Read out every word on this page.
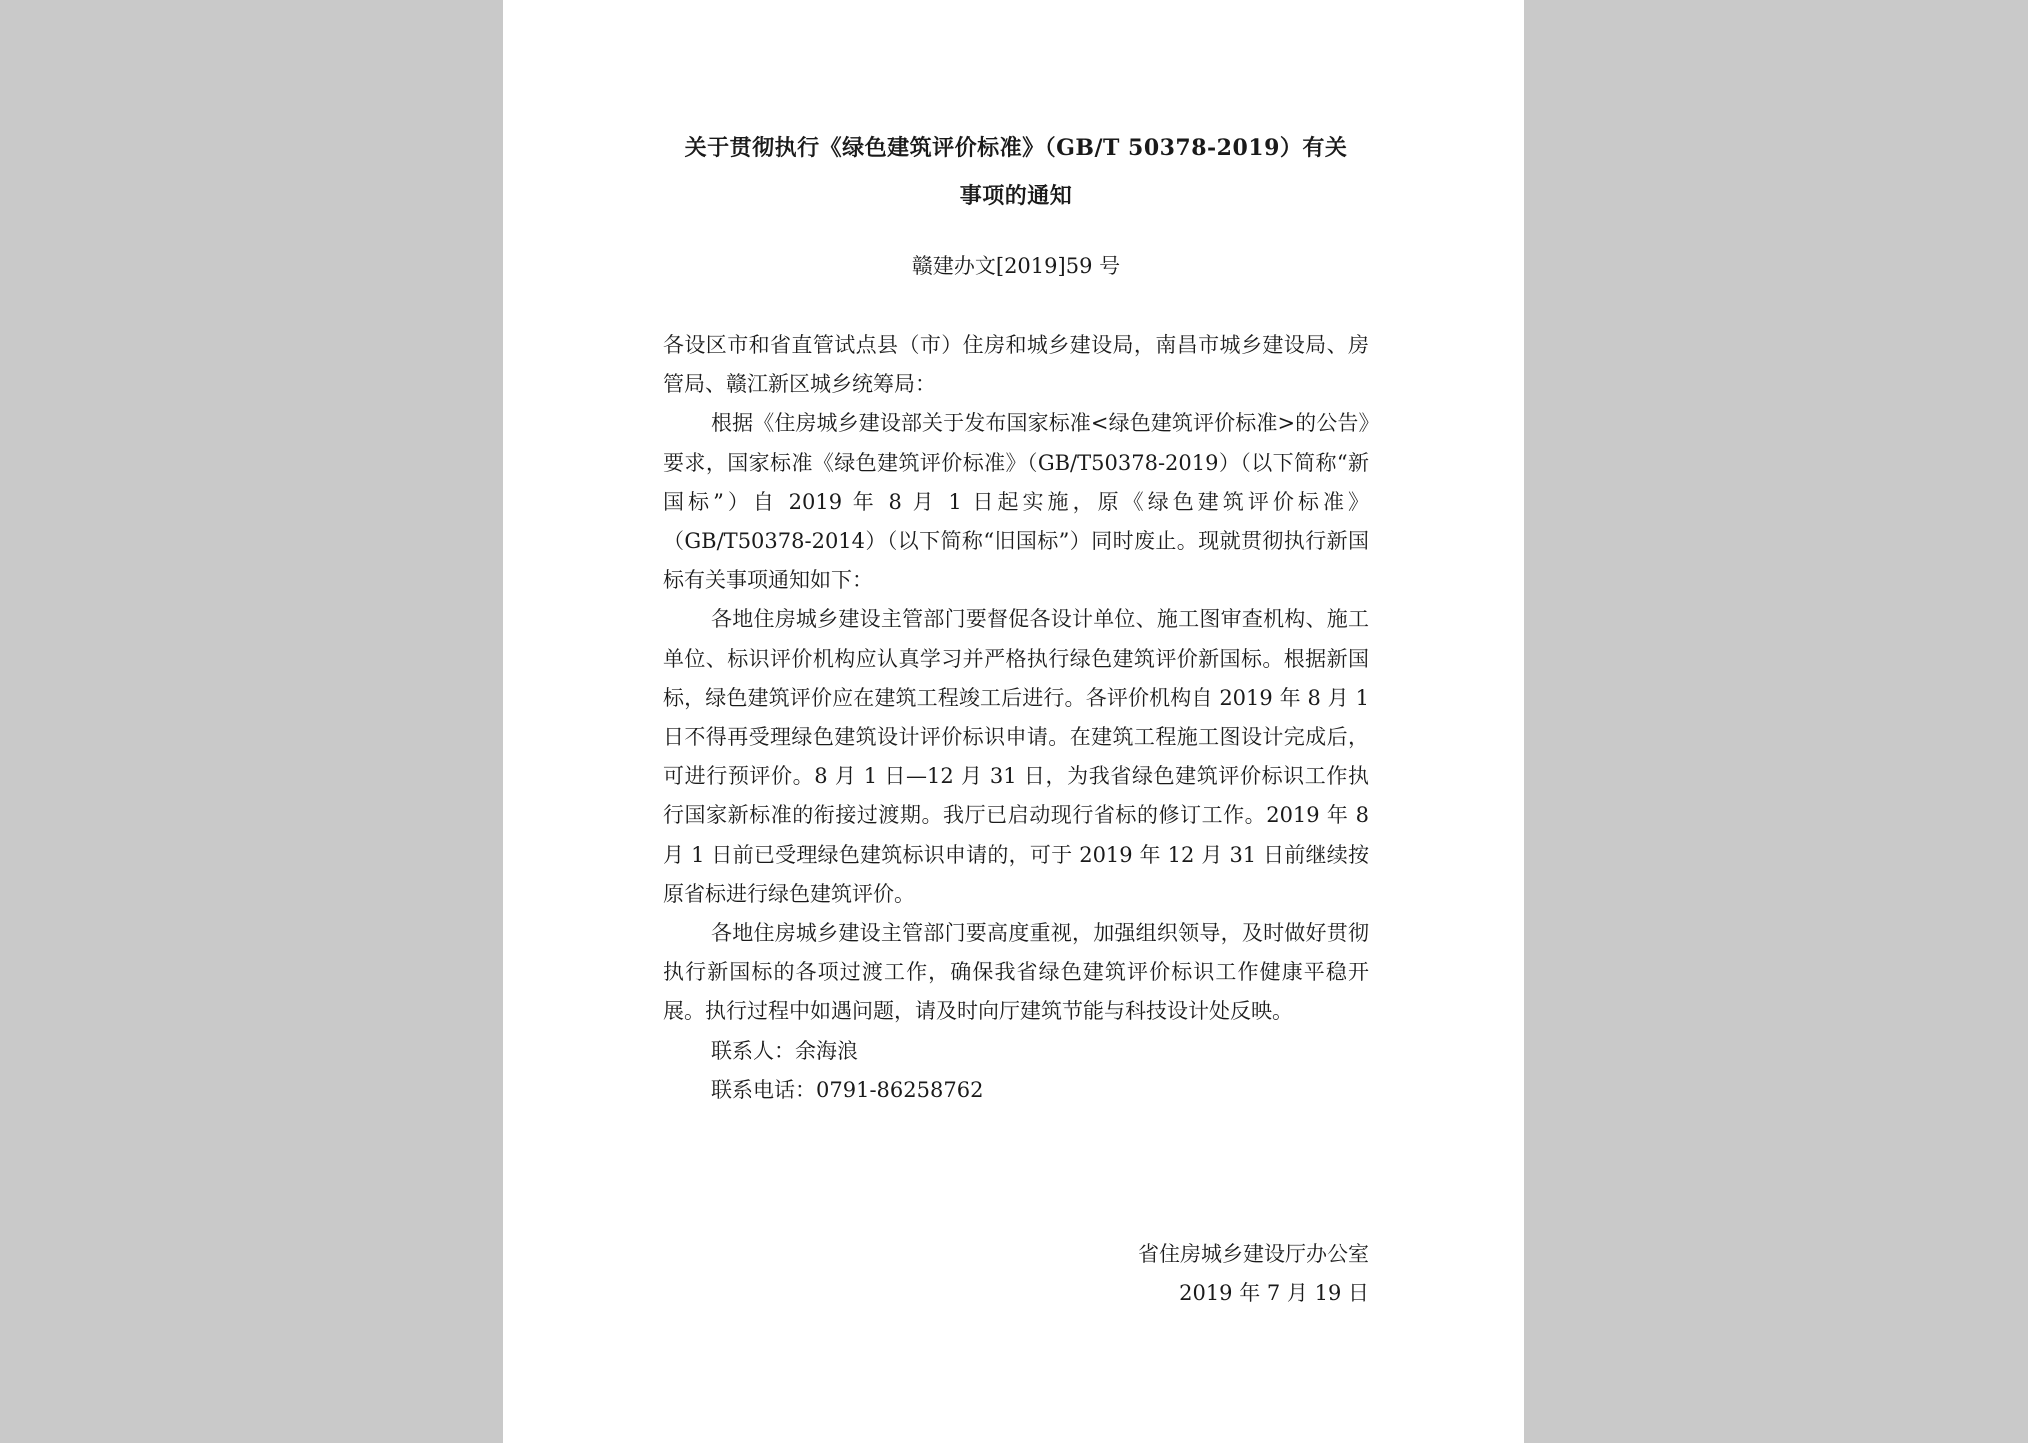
关于贯彻执行《绿色建筑评价标准》（GB/T 50378-2019）有关
事项的通知
赣建办文[2019]59 号

各设区市和省直管试点县（市）住房和城乡建设局，南昌市城乡建设局、房管局、赣江新区城乡统筹局：

根据《住房城乡建设部关于发布国家标准<绿色建筑评价标准>的公告》要求，国家标准《绿色建筑评价标准》（GB/T50378-2019）（以下简称“新国标”）自 2019 年 8 月 1 日起实施，原《绿色建筑评价标准》（GB/T50378-2014）（以下简称“旧国标”）同时废止。现就贯彻执行新国标有关事项通知如下：

各地住房城乡建设主管部门要督促各设计单位、施工图审查机构、施工单位、标识评价机构应认真学习并严格执行绿色建筑评价新国标。根据新国标，绿色建筑评价应在建筑工程竣工后进行。各评价机构自 2019 年 8 月 1 日不得再受理绿色建筑设计评价标识申请。在建筑工程施工图设计完成后，可进行预评价。8 月 1 日—12 月 31 日，为我省绿色建筑评价标识工作执行国家新标准的衔接过渡期。我厅已启动现行省标的修订工作。2019 年 8 月 1 日前已受理绿色建筑标识申请的，可于 2019 年 12 月 31 日前继续按原省标进行绿色建筑评价。

各地住房城乡建设主管部门要高度重视，加强组织领导，及时做好贯彻执行新国标的各项过渡工作，确保我省绿色建筑评价标识工作健康平稳开展。执行过程中如遇问题，请及时向厅建筑节能与科技设计处反映。

联系人：余海浪

联系电话：0791-86258762

省住房城乡建设厅办公室
2019 年 7 月 19 日
